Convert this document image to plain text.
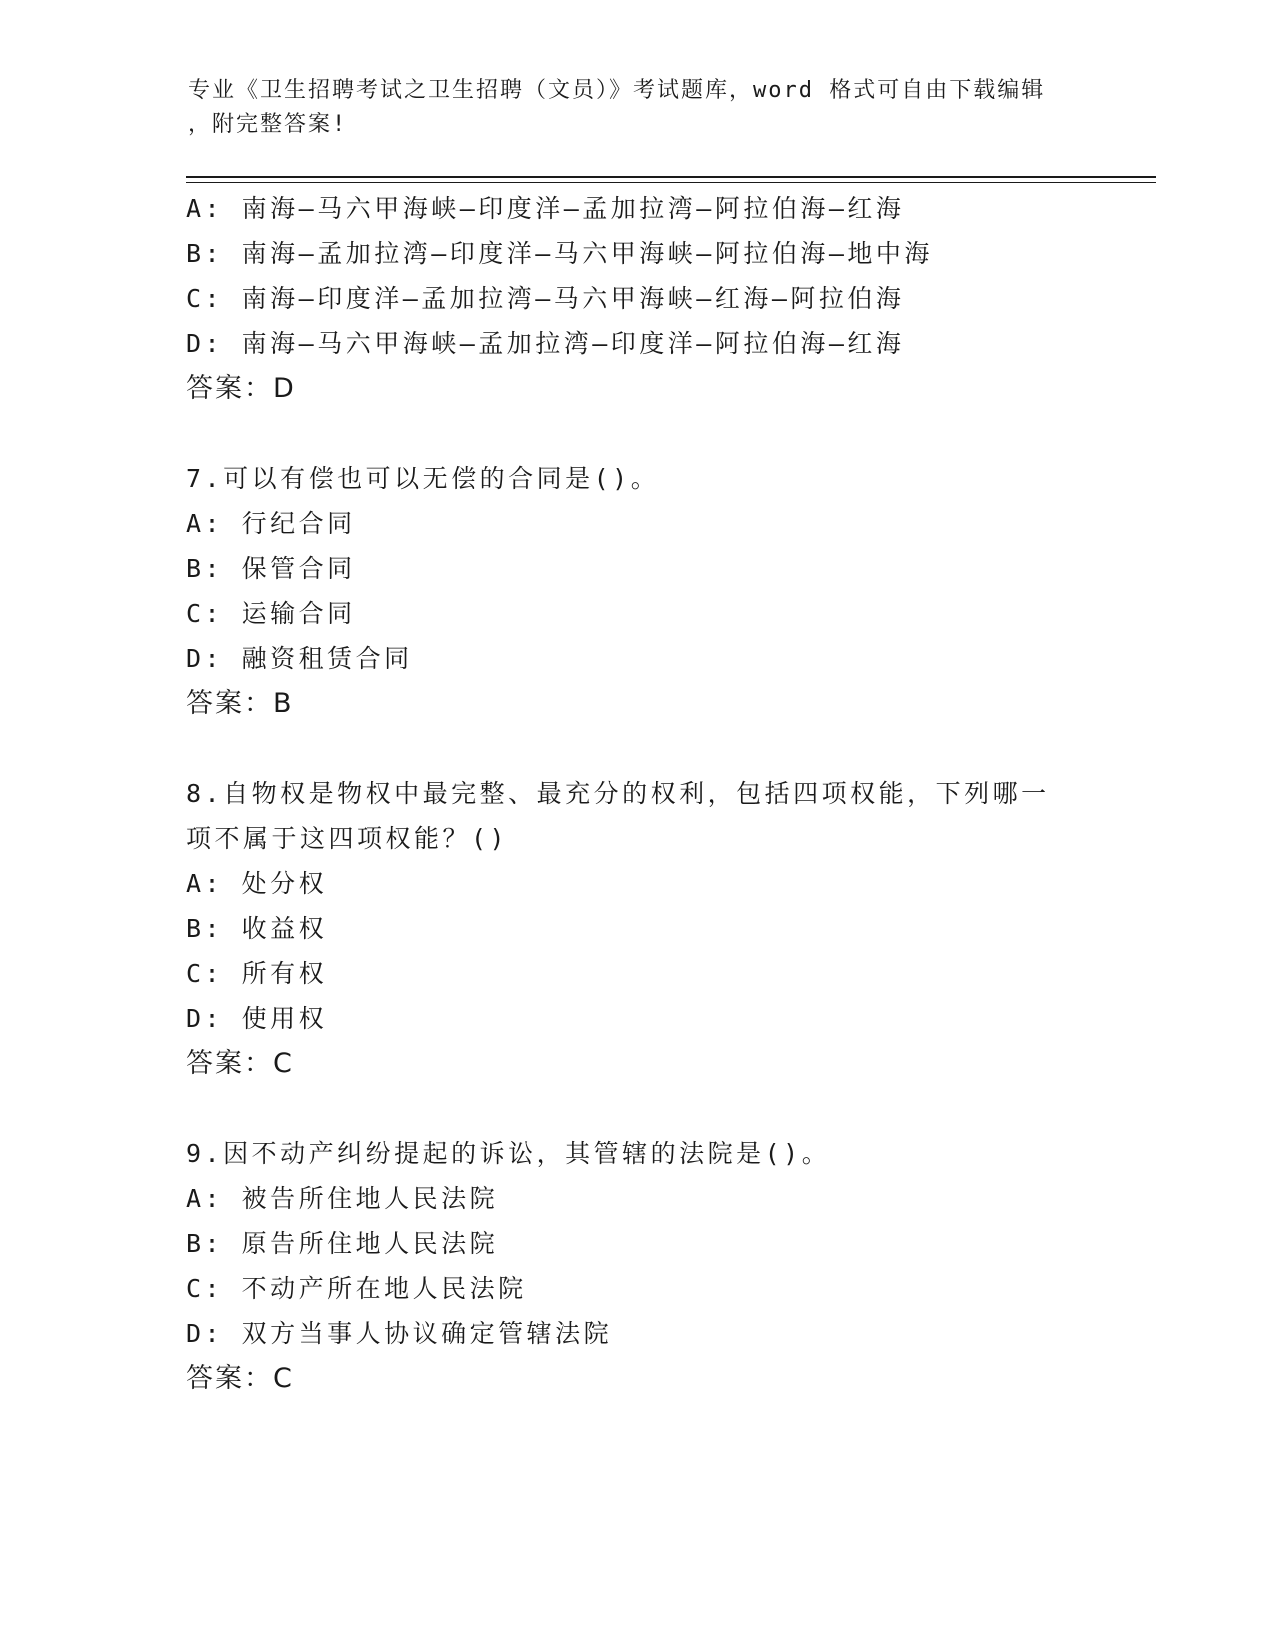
专业《卫生招聘考试之卫生招聘（文员）》考试题库，word 格式可自由下载编辑
，附完整答案!
A: 南海—马六甲海峡—印度洋—孟加拉湾—阿拉伯海—红海
B: 南海—孟加拉湾—印度洋—马六甲海峡—阿拉伯海—地中海
C: 南海—印度洋—孟加拉湾—马六甲海峡—红海—阿拉伯海
D: 南海—马六甲海峡—孟加拉湾—印度洋—阿拉伯海—红海
答案：D
7.可以有偿也可以无偿的合同是()。
A: 行纪合同
B: 保管合同
C: 运输合同
D: 融资租赁合同
答案：B
8.自物权是物权中最完整、最充分的权利，包括四项权能，下列哪一
项不属于这四项权能？()
A: 处分权
B: 收益权
C: 所有权
D: 使用权
答案：C
9.因不动产纠纷提起的诉讼，其管辖的法院是()。
A: 被告所住地人民法院
B: 原告所住地人民法院
C: 不动产所在地人民法院
D: 双方当事人协议确定管辖法院
答案：C
